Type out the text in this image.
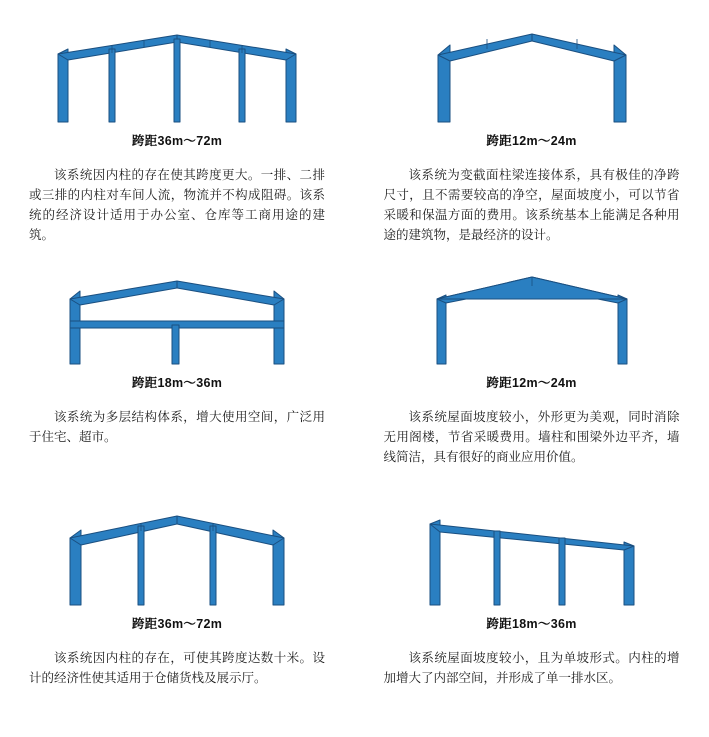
跨距36m～72m
该系统因内柱的存在使其跨度更大。一排、二排或三排的内柱对车间人流，物流并不构成阻碍。该系统的经济设计适用于办公室、仓库等工商用途的建筑。
跨距12m～24m
该系统为变截面柱梁连接体系，具有极佳的净跨尺寸，且不需要较高的净空，屋面坡度小，可以节省采暖和保温方面的费用。该系统基本上能满足各种用途的建筑物，是最经济的设计。
跨距18m～36m
该系统为多层结构体系，增大使用空间，广泛用于住宅、超市。
跨距12m～24m
该系统屋面坡度较小，外形更为美观，同时消除无用阁楼，节省采暖费用。墙柱和围梁外边平齐，墙线简洁，具有很好的商业应用价值。
跨距36m～72m
该系统因内柱的存在，可使其跨度达数十米。设计的经济性使其适用于仓储货栈及展示厅。
跨距18m～36m
该系统屋面坡度较小，且为单坡形式。内柱的增加增大了内部空间，并形成了单一排水区。
